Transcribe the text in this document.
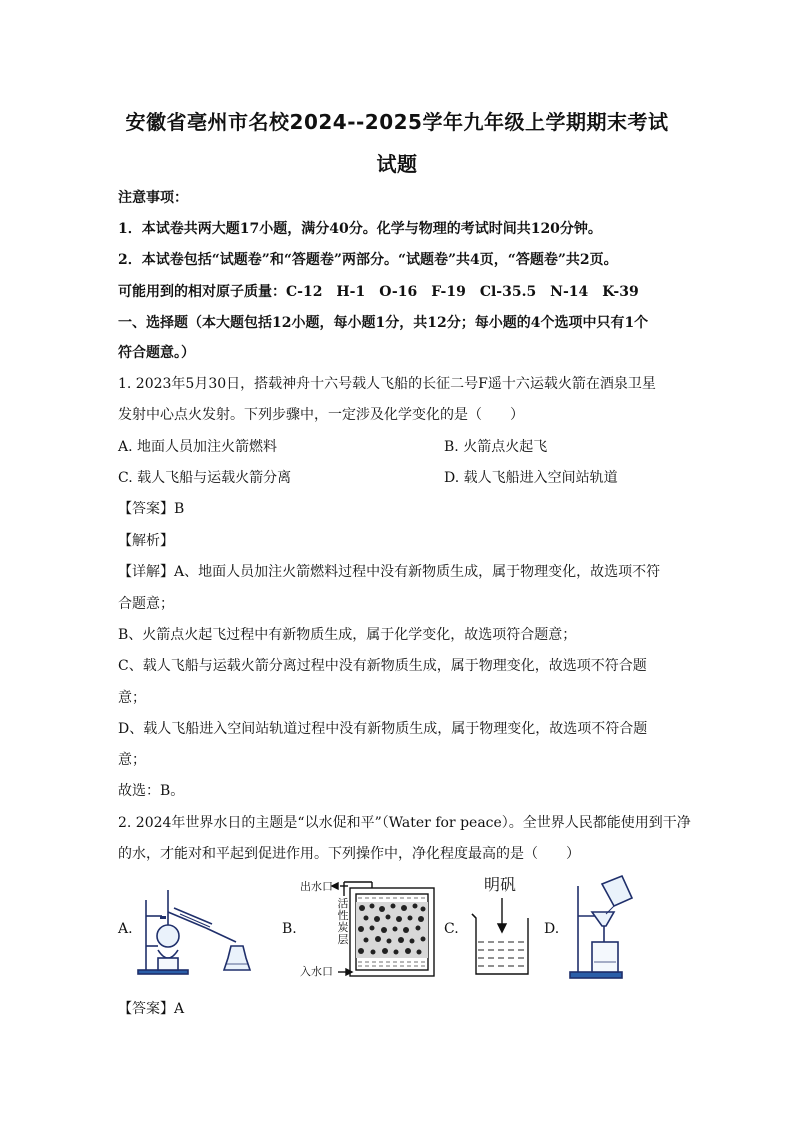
安徽省亳州市名校2024--2025学年九年级上学期期末考试
试题
注意事项：
1．本试卷共两大题17小题，满分40分。化学与物理的考试时间共120分钟。
2．本试卷包括“试题卷”和“答题卷”两部分。“试题卷”共4页，“答题卷”共2页。
可能用到的相对原子质量：C-12　H-1　O-16　F-19　Cl-35.5　N-14　K-39
一、选择题（本大题包括12小题，每小题1分，共12分；每小题的4个选项中只有1个
符合题意。）
1. 2023年5月30日，搭载神舟十六号载人飞船的长征二号F遥十六运载火箭在酒泉卫星
发射中心点火发射。下列步骤中，一定涉及化学变化的是（　　）
A. 地面人员加注火箭燃料	B. 火箭点火起飞
C. 载人飞船与运载火箭分离	D. 载人飞船进入空间站轨道
【答案】B
【解析】
【详解】A、地面人员加注火箭燃料过程中没有新物质生成，属于物理变化，故选项不符
合题意；
B、火箭点火起飞过程中有新物质生成，属于化学变化，故选项符合题意；
C、载人飞船与运载火箭分离过程中没有新物质生成，属于物理变化，故选项不符合题
意；
D、载人飞船进入空间站轨道过程中没有新物质生成，属于物理变化，故选项不符合题
意；
故选：B。
2. 2024年世界水日的主题是“以水促和平”（Water for peace）。全世界人民都能使用到干净
的水，才能对和平起到促进作用。下列操作中，净化程度最高的是（　　）
A.	B.	C.	D.
出水口
入水口
活性炭层
明矾
【答案】A
